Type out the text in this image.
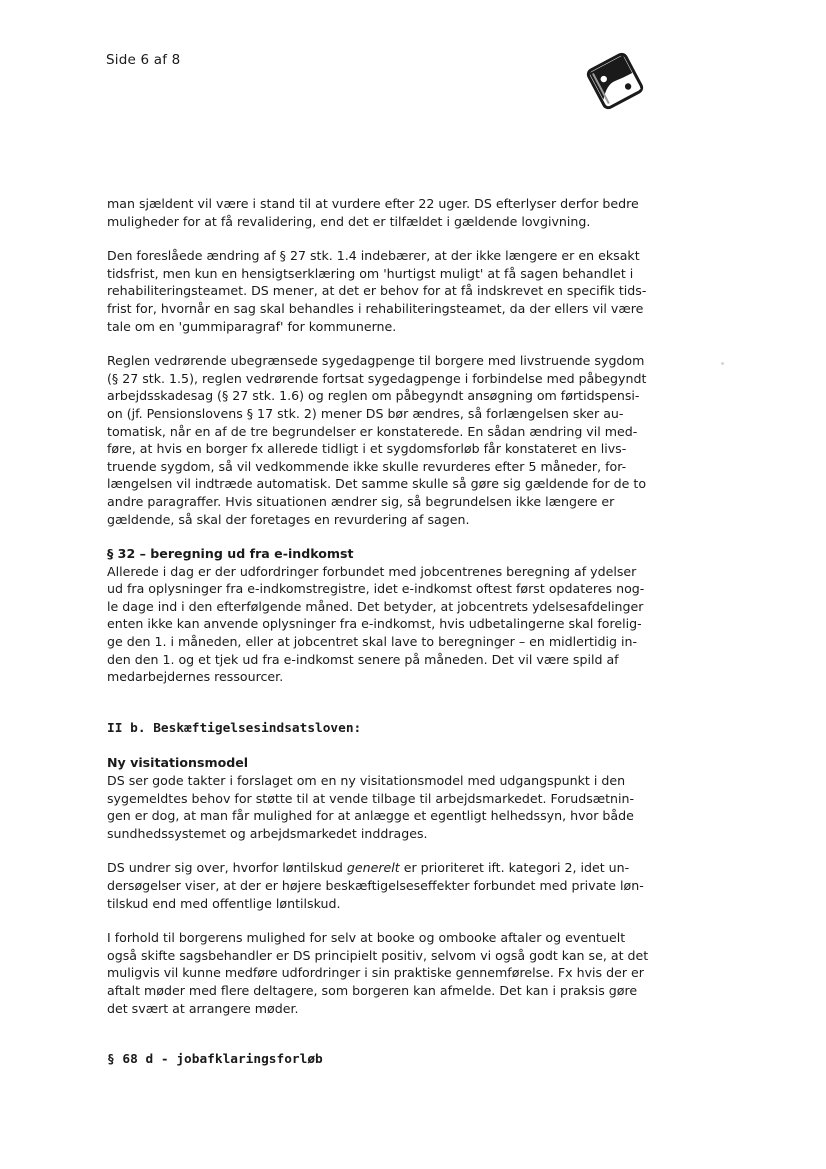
Side 6 af 8
man sjældent vil være i stand til at vurdere efter 22 uger. DS efterlyser derfor bedre
muligheder for at få revalidering, end det er tilfældet i gældende lovgivning.
Den foreslåede ændring af § 27 stk. 1.4 indebærer, at der ikke længere er en eksakt
tidsfrist, men kun en hensigtserklæring om 'hurtigst muligt' at få sagen behandlet i
rehabiliteringsteamet. DS mener, at det er behov for at få indskrevet en specifik tids-
frist for, hvornår en sag skal behandles i rehabiliteringsteamet, da der ellers vil være
tale om en 'gummiparagraf' for kommunerne.
Reglen vedrørende ubegrænsede sygedagpenge til borgere med livstruende sygdom
(§ 27 stk. 1.5), reglen vedrørende fortsat sygedagpenge i forbindelse med påbegyndt
arbejdsskadesag (§ 27 stk. 1.6) og reglen om påbegyndt ansøgning om førtidspensi-
on (jf. Pensionslovens § 17 stk. 2) mener DS bør ændres, så forlængelsen sker au-
tomatisk, når en af de tre begrundelser er konstaterede. En sådan ændring vil med-
føre, at hvis en borger fx allerede tidligt i et sygdomsforløb får konstateret en livs-
truende sygdom, så vil vedkommende ikke skulle revurderes efter 5 måneder, for-
længelsen vil indtræde automatisk. Det samme skulle så gøre sig gældende for de to
andre paragraffer. Hvis situationen ændrer sig, så begrundelsen ikke længere er
gældende, så skal der foretages en revurdering af sagen.
§ 32 – beregning ud fra e-indkomst
Allerede i dag er der udfordringer forbundet med jobcentrenes beregning af ydelser
ud fra oplysninger fra e-indkomstregistre, idet e-indkomst oftest først opdateres nog-
le dage ind i den efterfølgende måned. Det betyder, at jobcentrets ydelsesafdelinger
enten ikke kan anvende oplysninger fra e-indkomst, hvis udbetalingerne skal forelig-
ge den 1. i måneden, eller at jobcentret skal lave to beregninger – en midlertidig in-
den den 1. og et tjek ud fra e-indkomst senere på måneden. Det vil være spild af
medarbejdernes ressourcer.
II b. Beskæftigelsesindsatsloven:
Ny visitationsmodel
DS ser gode takter i forslaget om en ny visitationsmodel med udgangspunkt i den
sygemeldtes behov for støtte til at vende tilbage til arbejdsmarkedet. Forudsætnin-
gen er dog, at man får mulighed for at anlægge et egentligt helhedssyn, hvor både
sundhedssystemet og arbejdsmarkedet inddrages.
DS undrer sig over, hvorfor løntilskud generelt er prioriteret ift. kategori 2, idet un-
dersøgelser viser, at der er højere beskæftigelseseffekter forbundet med private løn-
tilskud end med offentlige løntilskud.
I forhold til borgerens mulighed for selv at booke og ombooke aftaler og eventuelt
også skifte sagsbehandler er DS principielt positiv, selvom vi også godt kan se, at det
muligvis vil kunne medføre udfordringer i sin praktiske gennemførelse. Fx hvis der er
aftalt møder med flere deltagere, som borgeren kan afmelde. Det kan i praksis gøre
det svært at arrangere møder.
§ 68 d - jobafklaringsforløb
